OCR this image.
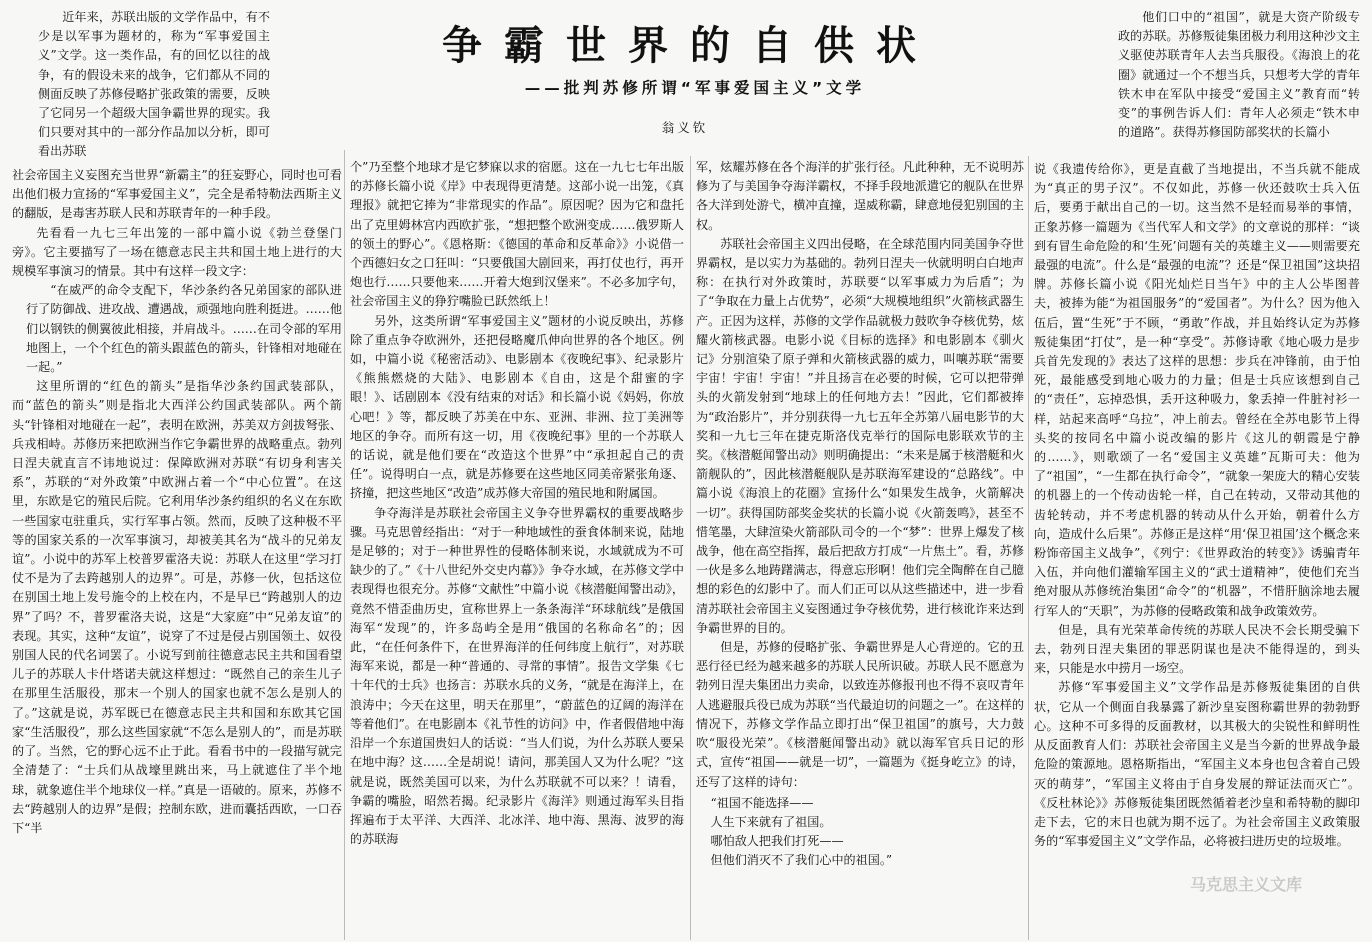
争霸世界的自供状
——批判苏修所谓“军事爱国主义”文学
翁义钦

近年来，苏联出版的文学作品中，有不少是以军事为题材的，称为“军事爱国主义”文学。这一类作品，有的回忆以往的战争，有的假设未来的战争，它们都从不同的侧面反映了苏修侵略扩张政策的需要，反映了它同另一个超级大国争霸世界的现实。我们只要对其中的一部分作品加以分析，即可看出苏联

社会帝国主义妄图充当世界“新霸主”的狂妄野心，同时也可看出他们极力宣扬的“军事爱国主义”，完全是希特勒法西斯主义的翻版，是毒害苏联人民和苏联青年的一种手段。

先看看一九七三年出笼的一部中篇小说《勃兰登堡门旁》。它主要描写了一场在德意志民主共和国土地上进行的大规模军事演习的情景。其中有这样一段文字：

“在威严的命令支配下，华沙条约各兄弟国家的部队进行了防御战、进攻战、遭遇战，顽强地向胜利挺进。……他们以钢铁的侧翼彼此相接，并肩战斗。……在司令部的军用地图上，一个个红色的箭头跟蓝色的箭头，针锋相对地碰在一起。”

这里所谓的“红色的箭头”是指华沙条约国武装部队，而“蓝色的箭头”则是指北大西洋公约国武装部队。两个箭头“针锋相对地碰在一起”，表明在欧洲，苏美双方剑拔弩张、兵戎相峙。苏修历来把欧洲当作它争霸世界的战略重点。勃列日涅夫就直言不讳地说过：保障欧洲对苏联“有切身利害关系”，苏联的“对外政策”中欧洲占着一个“中心位置”。在这里，东欧是它的殖民后院。它利用华沙条约组织的名义在东欧一些国家屯驻重兵，实行军事占领。然而，反映了这种极不平等的国家关系的一次军事演习，却被美其名为“战斗的兄弟友谊”。小说中的苏军上校普罗霍洛夫说：苏联人在这里“学习打仗不是为了去跨越别人的边界”。可是，苏修一伙，包括这位在别国土地上发号施令的上校在内，不是早已“跨越别人的边界”了吗？不，普罗霍洛夫说，这是“大家庭”中“兄弟友谊”的表现。其实，这种“友谊”，说穿了不过是侵占别国领土、奴役别国人民的代名词罢了。小说写到前往德意志民主共和国看望儿子的苏联人卡什塔诺夫就这样想过：“既然自己的亲生儿子在那里生活服役，那末一个别人的国家也就不怎么是别人的了。”这就是说，苏军既已在德意志民主共和国和东欧其它国家“生活服役”，那么这些国家就“不怎么是别人的”，而是苏联的了。当然，它的野心远不止于此。看看书中的一段描写就完全清楚了：“士兵们从战壕里跳出来，马上就遮住了半个地球，就象遮住半个地球仪一样。”真是一语破的。原来，苏修不去“跨越别人的边界”是假；控制东欧，进而囊括西欧，一口吞下“半

个”乃至整个地球才是它梦寐以求的宿愿。这在一九七七年出版的苏修长篇小说《岸》中表现得更清楚。这部小说一出笼，《真理报》就把它捧为“非常现实的作品”。原因呢？因为它和盘托出了克里姆林宫内西欧扩张，“想把整个欧洲变成……俄罗斯人的领土的野心”。《恩格斯：《德国的革命和反革命》》小说借一个西德妇女之口狂叫：“只要俄国大剧回来，再打仗也行，再开炮也行……只要他来……开着大炮到汉堡来”。不必多加字句，社会帝国主义的狰狞嘴脸已跃然纸上！

另外，这类所谓“军事爱国主义”题材的小说反映出，苏修除了重点争夺欧洲外，还把侵略魔爪伸向世界的各个地区。例如，中篇小说《秘密活动》、电影剧本《夜晚纪事》、纪录影片《熊熊燃烧的大陆》、电影剧本《自由，这是个甜蜜的字眼！》、话剧剧本《没有结束的对话》和长篇小说《妈妈，你放心吧！》等，都反映了苏美在中东、亚洲、非洲、拉丁美洲等地区的争夺。而所有这一切，用《夜晚纪事》里的一个苏联人的话说，就是他们要在“改造这个世界”中“承担起自己的责任”。说得明白一点，就是苏修要在这些地区同美帝紧张角逐、挤撞，把这些地区“改造”成苏修大帝国的殖民地和附属国。

争夺海洋是苏联社会帝国主义争夺世界霸权的重要战略步骤。马克思曾经指出：“对于一种地域性的蚕食体制来说，陆地是足够的；对于一种世界性的侵略体制来说，水域就成为不可缺少的了。”《十八世纪外交史内幕》》争夺水域，在苏修文学中表现得也很充分。苏修“文献性”中篇小说《核潜艇闻警出动》，竟然不惜歪曲历史，宣称世界上一条条海洋“环球航线”是俄国海军“发现”的，许多岛屿全是用“俄国的名称命名”的；因此，“在任何条件下，在世界海洋的任何纬度上航行”，对苏联海军来说，都是一种“普通的、寻常的事情”。报告文学集《七十年代的士兵》也扬言：苏联水兵的义务，“就是在海洋上，在浪涛中；今天在这里，明天在那里”，“蔚蓝色的辽阔的海洋在等着他们”。在电影剧本《礼节性的访问》中，作者假借地中海沿岸一个东道国贵妇人的话说：“当人们说，为什么苏联人要呆在地中海？这……全是胡说！请问，那美国人又为什么呢？”这就是说，既然美国可以来，为什么苏联就不可以来？！请看，争霸的嘴脸，昭然若揭。纪录影片《海洋》则通过海军头目指挥遍布于太平洋、大西洋、北冰洋、地中海、黑海、波罗的海的苏联海

军，炫耀苏修在各个海洋的扩张行径。凡此种种，无不说明苏修为了与美国争夺海洋霸权，不择手段地派遣它的舰队在世界各大洋到处游弋，横冲直撞，逞威称霸，肆意地侵犯别国的主权。

苏联社会帝国主义四出侵略，在全球范围内同美国争夺世界霸权，是以实力为基础的。勃列日涅夫一伙就明明白白地声称：在执行对外政策时，苏联要“以军事威力为后盾”；为了“争取在力量上占优势”，必须“大规模地组织”火箭核武器生产。正因为这样，苏修的文学作品就极力鼓吹争夺核优势，炫耀火箭核武器。电影小说《目标的选择》和电影剧本《驯火记》分别渲染了原子弹和火箭核武器的威力，叫嚷苏联“需要宇宙！宇宙！宇宙！”并且扬言在必要的时候，它可以把带弹头的火箭发射到“地球上的任何地方去！”因此，它们都被捧为“政治影片”，并分别获得一九七五年全苏第八届电影节的大奖和一九七三年在捷克斯洛伐克举行的国际电影联欢节的主奖。《核潜艇闻警出动》则明确提出：“未来是属于核潜艇和火箭舰队的”，因此核潜艇舰队是苏联海军建设的“总路线”。中篇小说《海浪上的花圈》宣扬什么“如果发生战争，火箭解决一切”。获得国防部奖金奖状的长篇小说《火箭轰鸣》，甚至不惜笔墨，大肆渲染火箭部队司令的一个“梦”：世界上爆发了核战争，他在高空指挥，最后把敌方打成“一片焦土”。看，苏修一伙是多么地踌躇满志，得意忘形啊！他们完全陶醉在自己臆想的彩色的幻影中了。而人们正可以从这些描述中，进一步看清苏联社会帝国主义妄图通过争夺核优势，进行核讹诈来达到争霸世界的目的。

但是，苏修的侵略扩张、争霸世界是人心背逆的。它的丑恶行径已经为越来越多的苏联人民所识破。苏联人民不愿意为勃列日涅夫集团出力卖命，以致连苏修报刊也不得不哀叹青年人逃避服兵役已成为苏联“当代最迫切的问题之一”。在这样的情况下，苏修文学作品立即打出“保卫祖国”的旗号，大力鼓吹“服役光荣”。《核潜艇闻警出动》就以海军官兵日记的形式，宣传“祖国——就是一切”，一篇题为《挺身屹立》的诗，还写了这样的诗句：

“祖国不能选择——
人生下来就有了祖国。
哪怕敌人把我们打死——
但他们消灭不了我们心中的祖国。”

他们口中的“祖国”，就是大资产阶级专政的苏联。苏修叛徒集团极力利用这种沙文主义驱使苏联青年人去当兵服役。《海浪上的花圈》就通过一个不想当兵，只想考大学的青年铁木申在军队中接受“爱国主义”教育而“转变”的事例告诉人们：青年人必须走“铁木申的道路”。获得苏修国防部奖状的长篇小

说《我遗传给你》，更是直截了当地提出，不当兵就不能成为“真正的男子汉”。不仅如此，苏修一伙还鼓吹士兵入伍后，要勇于献出自己的一切。这当然不是轻而易举的事情，正象苏修一篇题为《当代军人和文学》的文章说的那样：“谈到有冒生命危险的和‘生死’问题有关的英雄主义——则需要充最强的电流”。什么是“最强的电流”？还是“保卫祖国”这块招牌。苏修长篇小说《阳光灿烂日当午》中的主人公毕图普夫，被捧为能“为祖国服务”的“爱国者”。为什么？因为他入伍后，置“生死”于不顾，“勇敢”作战，并且始终认定为苏修叛徒集团“打仗”，是一种“享受”。苏修诗歌《地心吸力是步兵首先发现的》表达了这样的思想：步兵在冲锋前，由于怕死，最能感受到地心吸力的力量；但是士兵应该想到自己的“责任”，忘掉恐惧，丢开这种吸力，象丢掉一件脏衬衫一样，站起来高呼“乌拉”，冲上前去。曾经在全苏电影节上得头奖的按同名中篇小说改编的影片《这儿的朝霞是宁静的……》，则歌颂了一名“爱国主义英雄”瓦斯可夫：他为了“祖国”，“一生都在执行命令”，“就象一架庞大的精心安装的机器上的一个传动齿轮一样，自己在转动，又带动其他的齿轮转动，并不考虑机器的转动从什么开始，朝着什么方向，造成什么后果”。苏修正是这样“用‘保卫祖国’这个概念来粉饰帝国主义战争”，《列宁：《世界政治的转变》》诱骗青年入伍，并向他们灌输军国主义的“武士道精神”，使他们充当绝对服从苏修统治集团“命令”的“机器”，不惜肝脑涂地去履行军人的“天职”，为苏修的侵略政策和战争政策效劳。

但是，具有光荣革命传统的苏联人民决不会长期受骗下去，勃列日涅夫集团的罪恶阴谋也是决不能得逞的，到头来，只能是水中捞月一场空。

苏修“军事爱国主义”文学作品是苏修叛徒集团的自供状，它从一个侧面自我暴露了新沙皇妄图称霸世界的勃勃野心。这种不可多得的反面教材，以其极大的尖锐性和鲜明性从反面教育人们：苏联社会帝国主义是当今新的世界战争最危险的策源地。恩格斯指出，“军国主义本身也包含着自己毁灭的萌芽”，“军国主义将由于自身发展的辩证法而灭亡”。《反杜林论》》苏修叛徒集团既然循着老沙皇和希特勒的脚印走下去，它的末日也就为期不远了。为社会帝国主义政策服务的“军事爱国主义”文学作品，必将被扫进历史的垃圾堆。

马克思主义文库
